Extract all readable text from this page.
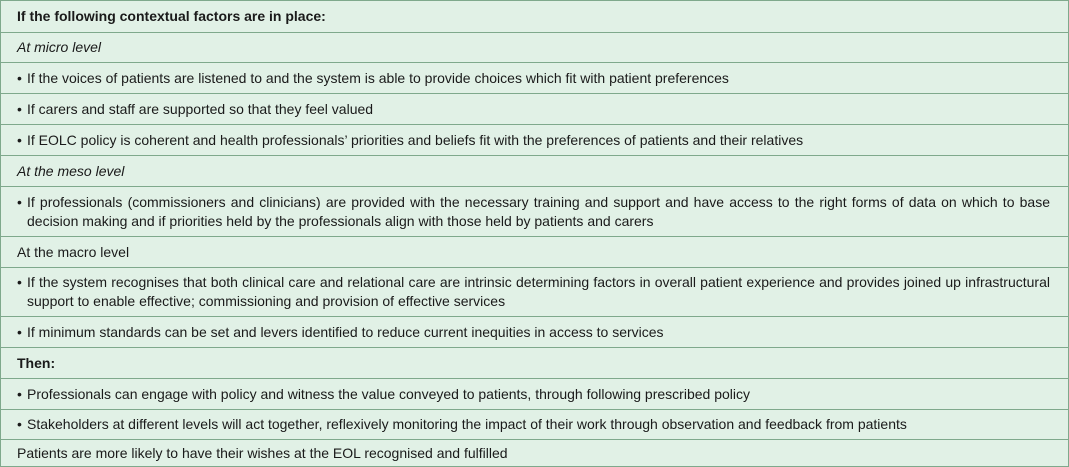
If the following contextual factors are in place:
At micro level
• If the voices of patients are listened to and the system is able to provide choices which fit with patient preferences
• If carers and staff are supported so that they feel valued
• If EOLC policy is coherent and health professionals’ priorities and beliefs fit with the preferences of patients and their relatives
At the meso level
• If professionals (commissioners and clinicians) are provided with the necessary training and support and have access to the right forms of data on which to base decision making and if priorities held by the professionals align with those held by patients and carers
At the macro level
• If the system recognises that both clinical care and relational care are intrinsic determining factors in overall patient experience and provides joined up infrastructural support to enable effective; commissioning and provision of effective services
• If minimum standards can be set and levers identified to reduce current inequities in access to services
Then:
• Professionals can engage with policy and witness the value conveyed to patients, through following prescribed policy
• Stakeholders at different levels will act together, reflexively monitoring the impact of their work through observation and feedback from patients
Patients are more likely to have their wishes at the EOL recognised and fulfilled
